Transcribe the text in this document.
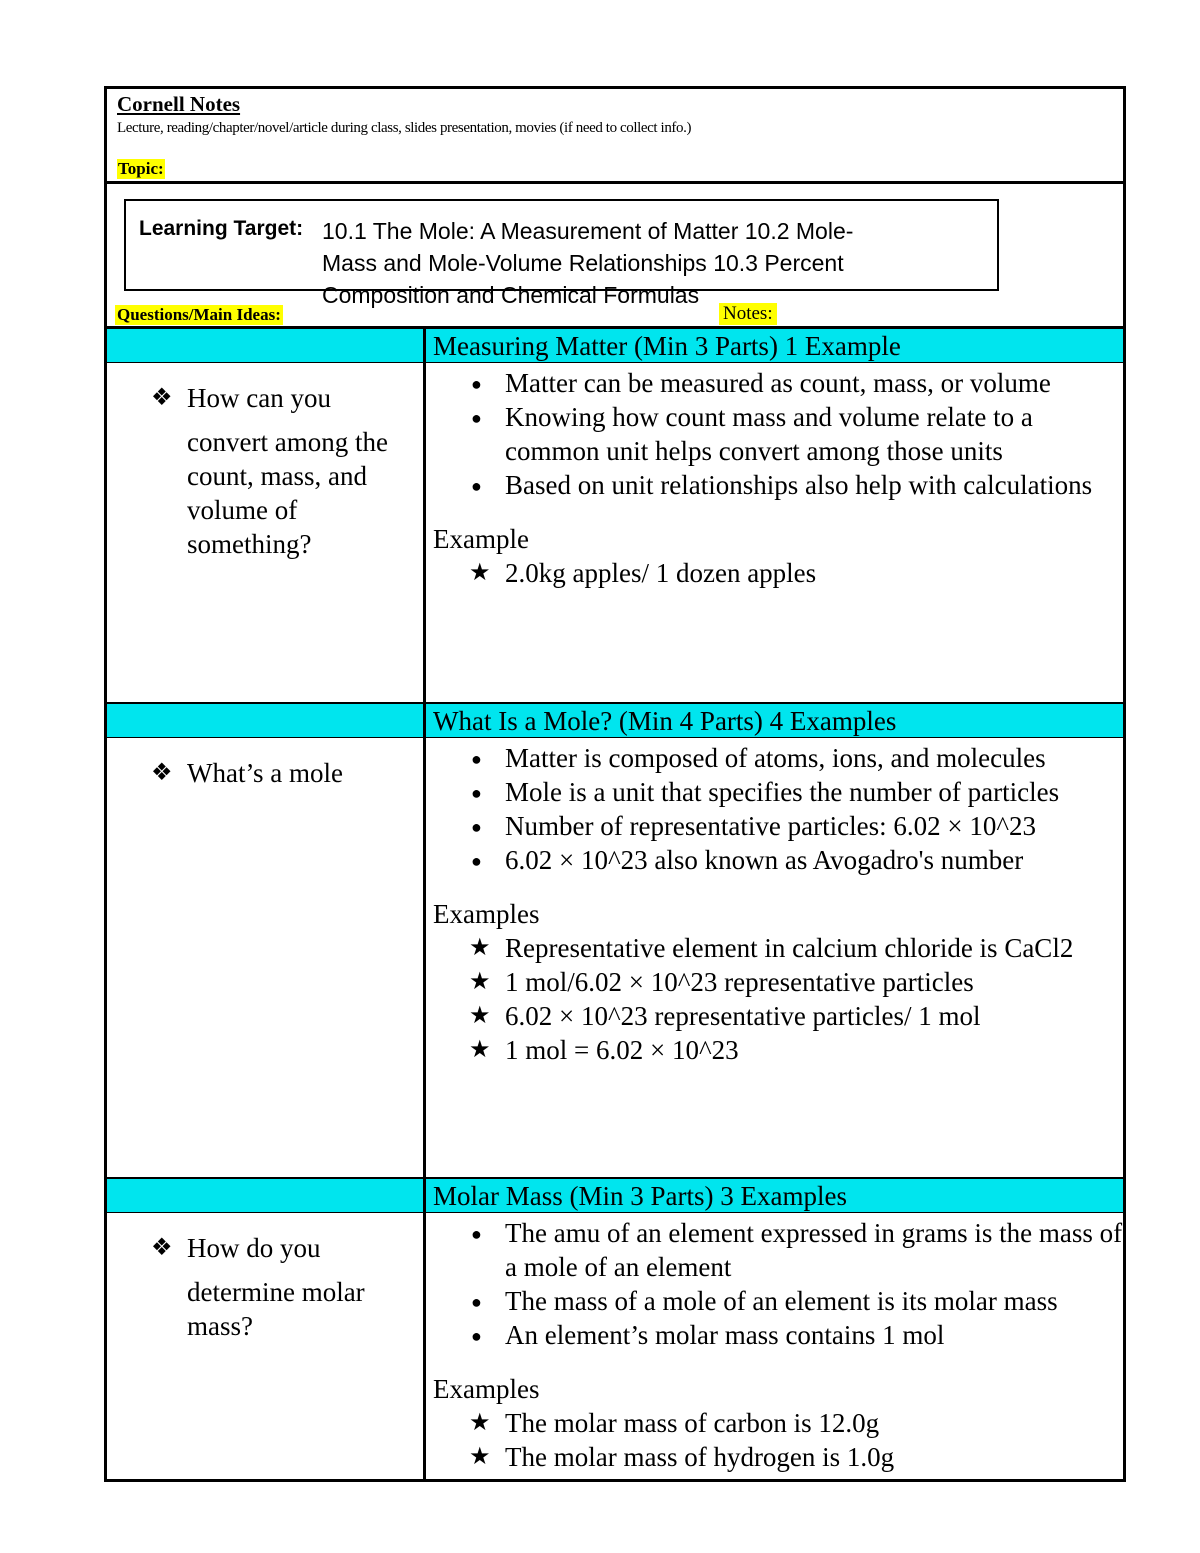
Cornell Notes
Lecture, reading/chapter/novel/article during class, slides presentation, movies (if need to collect info.)
Topic:
Learning Target: 10.1 The Mole: A Measurement of Matter 10.2 Mole-
Mass and Mole-Volume Relationships 10.3 Percent
Composition and Chemical Formulas
Questions/Main Ideas:	Notes:
Measuring Matter (Min 3 Parts) 1 Example
❖ How can you
convert among the
count, mass, and
volume of
something?
● Matter can be measured as count, mass, or volume
● Knowing how count mass and volume relate to a common unit helps convert among those units
● Based on unit relationships also help with calculations
Example
★ 2.0kg apples/ 1 dozen apples
What Is a Mole? (Min 4 Parts) 4 Examples
❖ What’s a mole
●	Matter is composed of atoms, ions, and molecules
● Mole is a unit that specifies the number of particles
● Number of representative particles: 6.02 × 10^23
● 6.02 × 10^23 also known as Avogadro's number
Examples
★ Representative element in calcium chloride is CaCl2
★ 1 mol/6.02 × 10^23 representative particles
★ 6.02 × 10^23 representative particles/ 1 mol
★ 1 mol = 6.02 × 10^23
Molar Mass (Min 3 Parts) 3 Examples
❖ How do you
determine molar
mass?
● The amu of an element expressed in grams is the mass of a mole of an element
● The mass of a mole of an element is its molar mass
● An element’s molar mass contains 1 mol
Examples
★ The molar mass of carbon is 12.0g
★ The molar mass of hydrogen is 1.0g
